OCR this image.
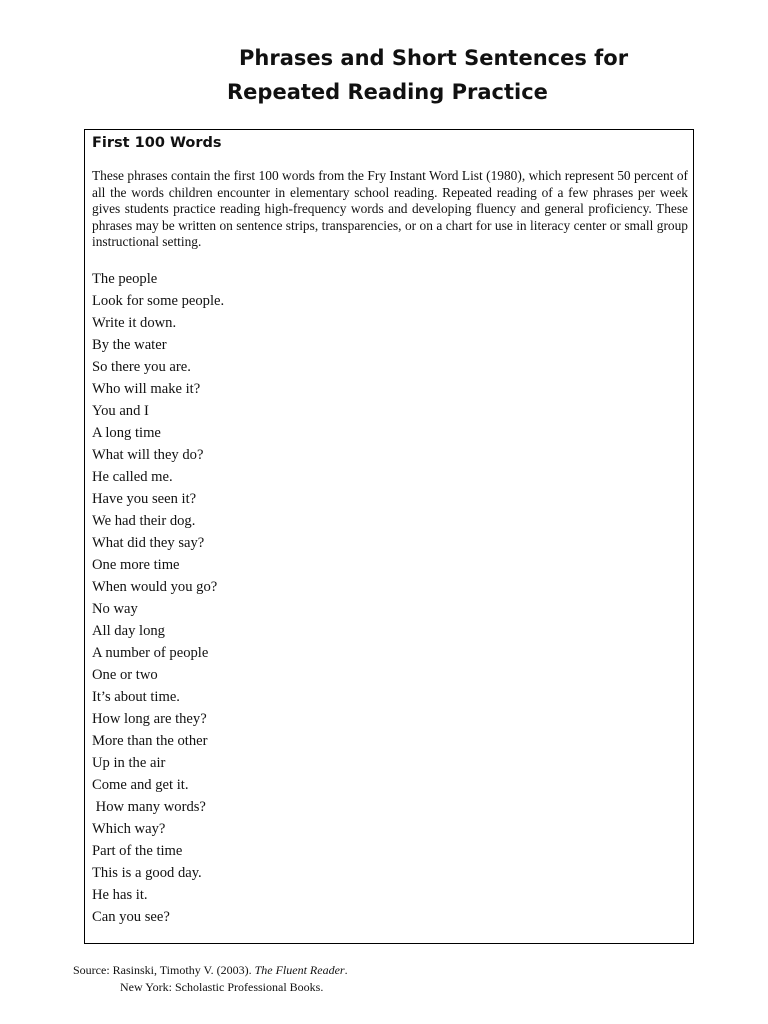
Phrases and Short Sentences for
Repeated Reading Practice
First 100 Words

These phrases contain the first 100 words from the Fry Instant Word List (1980), which represent 50 percent of all the words children encounter in elementary school reading. Repeated reading of a few phrases per week gives students practice reading high-frequency words and developing fluency and general proficiency. These phrases may be written on sentence strips, transparencies, or on a chart for use in literacy center or small group instructional setting.

The people
Look for some people.
Write it down.
By the water
So there you are.
Who will make it?
You and I
A long time
What will they do?
He called me.
Have you seen it?
We had their dog.
What did they say?
One more time
When would you go?
No way
All day long
A number of people
One or two
It’s about time.
How long are they?
More than the other
Up in the air
Come and get it.
How many words?
Which way?
Part of the time
This is a good day.
He has it.
Can you see?
Source: Rasinski, Timothy V. (2003). The Fluent Reader.
New York: Scholastic Professional Books.
